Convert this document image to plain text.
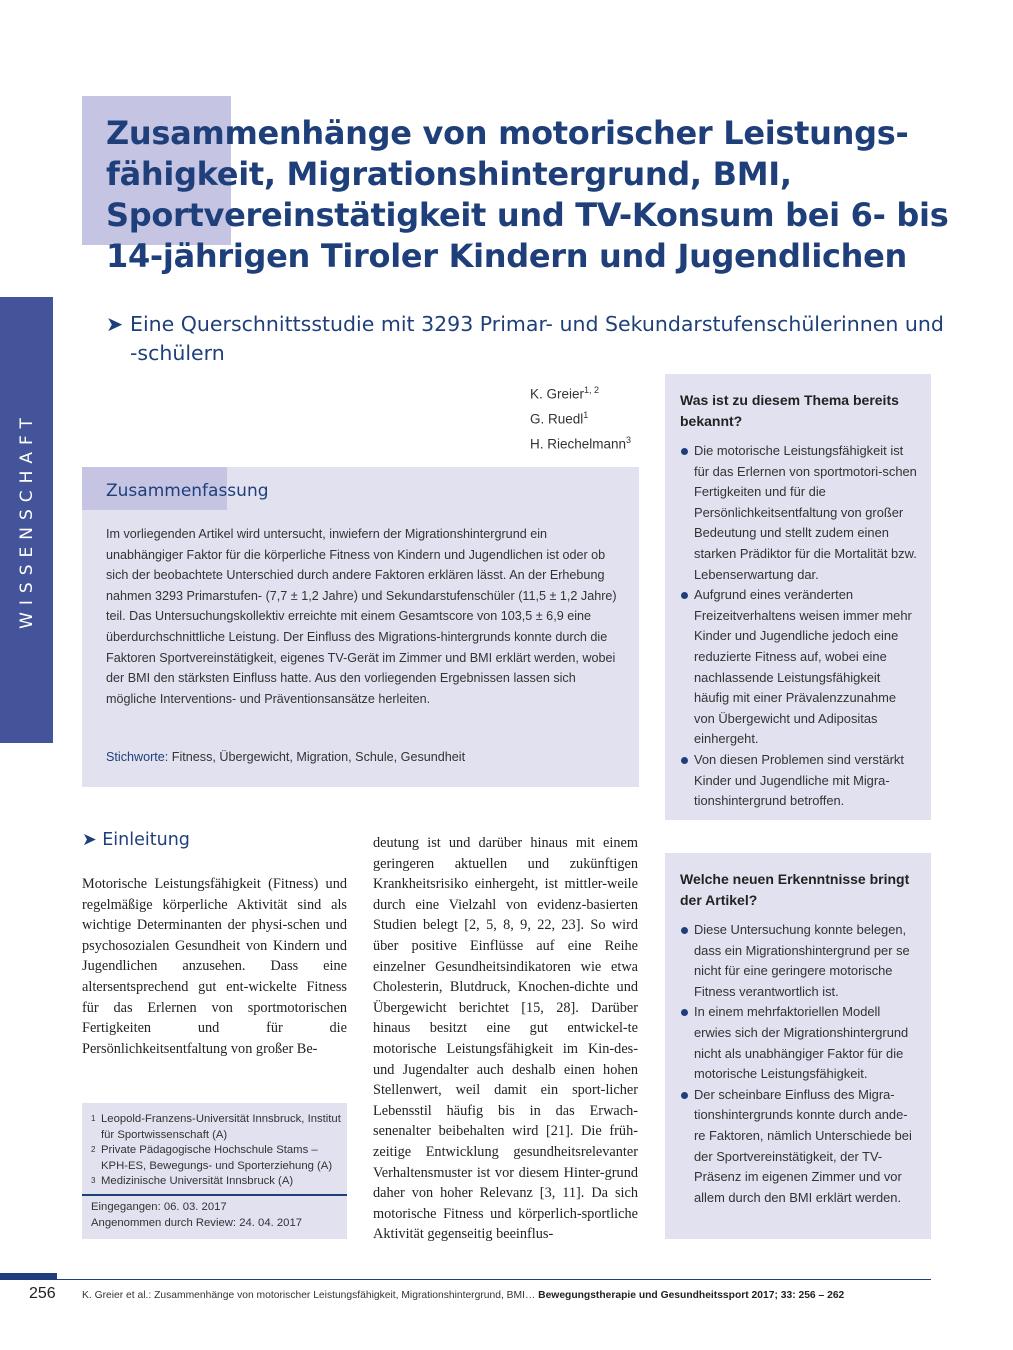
WISSENSCHAFT
Zusammenhänge von motorischer Leistungs-fähigkeit, Migrationshintergrund, BMI, Sportvereinstätigkeit und TV-Konsum bei 6- bis 14-jährigen Tiroler Kindern und Jugendlichen
➤ Eine Querschnittsstudie mit 3293 Primar- und Sekundarstufenschülerinnen und -schülern
K. Greier$^{1, 2}$
G. Ruedl$^1$
H. Riechelmann$^3$
Zusammenfassung
Im vorliegenden Artikel wird untersucht, inwiefern der Migrationshintergrund ein unabhängiger Faktor für die körperliche Fitness von Kindern und Jugendlichen ist oder ob sich der beobachtete Unterschied durch andere Faktoren erklären lässt. An der Erhebung nahmen 3293 Primarstufen- (7,7 ± 1,2 Jahre) und Sekundarstufenschüler (11,5 ± 1,2 Jahre) teil. Das Untersuchungskollektiv erreichte mit einem Gesamtscore von 103,5 ± 6,9 eine überdurchschnittliche Leistung. Der Einfluss des Migrations-hintergrunds konnte durch die Faktoren Sportvereinstätigkeit, eigenes TV-Gerät im Zimmer und BMI erklärt werden, wobei der BMI den stärksten Einfluss hatte. Aus den vorliegenden Ergebnissen lassen sich mögliche Interventions- und Präventionsansätze herleiten.
Stichworte: Fitness, Übergewicht, Migration, Schule, Gesundheit
Was ist zu diesem Thema bereits bekannt?
Die motorische Leistungsfähigkeit ist für das Erlernen von sportmotori-schen Fertigkeiten und für die Persönlichkeitsentfaltung von großer Bedeutung und stellt zudem einen starken Prädiktor für die Mortalität bzw. Lebenserwartung dar.
Aufgrund eines veränderten Freizeitverhaltens weisen immer mehr Kinder und Jugendliche jedoch eine reduzierte Fitness auf, wobei eine nachlassende Leistungsfähigkeit häufig mit einer Prävalenzzunahme von Übergewicht und Adipositas einhergeht.
Von diesen Problemen sind verstärkt Kinder und Jugendliche mit Migra-tionshintergrund betroffen.
Welche neuen Erkenntnisse bringt der Artikel?
Diese Untersuchung konnte belegen, dass ein Migrationshintergrund per se nicht für eine geringere motorische Fitness verantwortlich ist.
In einem mehrfaktoriellen Modell erwies sich der Migrationshintergrund nicht als unabhängiger Faktor für die motorische Leistungsfähigkeit.
Der scheinbare Einfluss des Migra-tionshintergrunds konnte durch ande-re Faktoren, nämlich Unterschiede bei der Sportvereinstätigkeit, der TV-Präsenz im eigenen Zimmer und vor allem durch den BMI erklärt werden.
➤ Einleitung
Motorische Leistungsfähigkeit (Fitness) und regelmäßige körperliche Aktivität sind als wichtige Determinanten der physi-schen und psychosozialen Gesundheit von Kindern und Jugendlichen anzusehen. Dass eine altersentsprechend gut ent-wickelte Fitness für das Erlernen von sportmotorischen Fertigkeiten und für die Persönlichkeitsentfaltung von großer Be-
deutung ist und darüber hinaus mit einem geringeren aktuellen und zukünftigen Krankheitsrisiko einhergeht, ist mittler-weile durch eine Vielzahl von evidenz-basierten Studien belegt [2, 5, 8, 9, 22, 23]. So wird über positive Einflüsse auf eine Reihe einzelner Gesundheitsindikatoren wie etwa Cholesterin, Blutdruck, Knochen-dichte und Übergewicht berichtet [15, 28]. Darüber hinaus besitzt eine gut entwickel-te motorische Leistungsfähigkeit im Kin-des- und Jugendalter auch deshalb einen hohen Stellenwert, weil damit ein sport-licher Lebensstil häufig bis in das Erwach-senenalter beibehalten wird [21]. Die früh-zeitige Entwicklung gesundheitsrelevanter Verhaltensmuster ist vor diesem Hinter-grund daher von hoher Relevanz [3, 11]. Da sich motorische Fitness und körperlich-sportliche Aktivität gegenseitig beeinflus-
1 Leopold-Franzens-Universität Innsbruck, Institut für Sportwissenschaft (A)
2 Private Pädagogische Hochschule Stams – KPH-ES, Bewegungs- und Sporterziehung (A)
3 Medizinische Universität Innsbruck (A)
Eingegangen: 06. 03. 2017
Angenommen durch Review: 24. 04. 2017
256	K. Greier et al.: Zusammenhänge von motorischer Leistungsfähigkeit, Migrationshintergrund, BMI… Bewegungstherapie und Gesundheitssport 2017; 33: 256 – 262
